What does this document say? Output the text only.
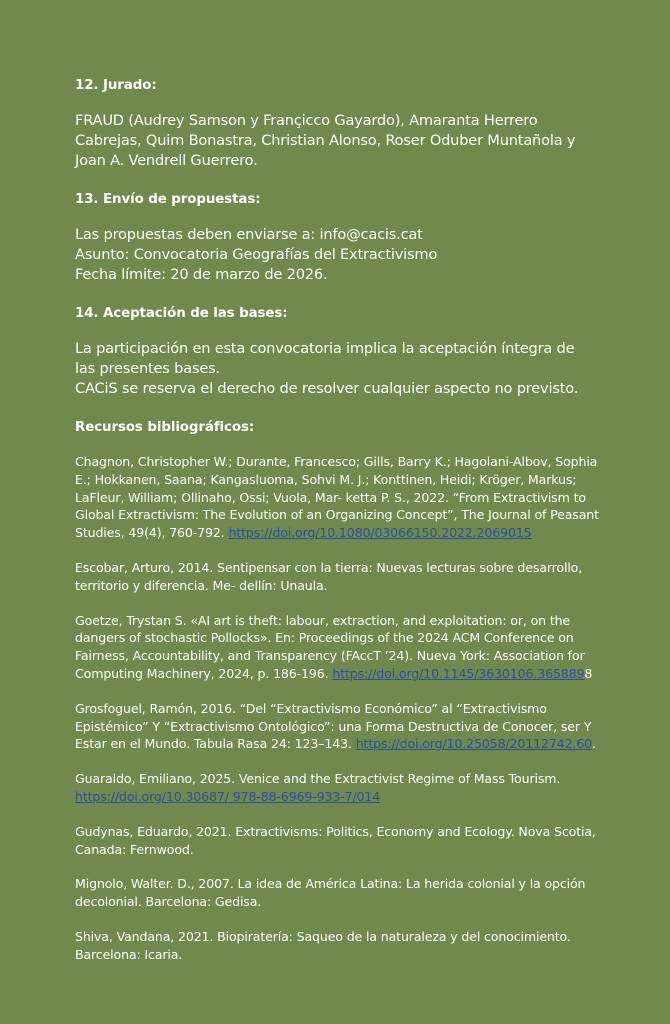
12. Jurado:

FRAUD (Audrey Samson y Françicco Gayardo), Amaranta Herrero
Cabrejas, Quim Bonastra, Christian Alonso, Roser Oduber Muntañola y
Joan A. Vendrell Guerrero.

13. Envío de propuestas:

Las propuestas deben enviarse a: info@cacis.cat
Asunto: Convocatoria Geografías del Extractivismo
Fecha límite: 20 de marzo de 2026.

14. Aceptación de las bases:

La participación en esta convocatoria implica la aceptación íntegra de
las presentes bases.
CACiS se reserva el derecho de resolver cualquier aspecto no previsto.

Recursos bibliográficos:

Chagnon, Christopher W.; Durante, Francesco; Gills, Barry K.; Hagolani-Albov, Sophia E.; Hokkanen, Saana; Kangasluoma, Sohvi M. J.; Konttinen, Heidi; Kröger, Markus; LaFleur, William; Ollinaho, Ossi; Vuola, Mar- ketta P. S., 2022. “From Extractivism to Global Extractivism: The Evolution of an Organizing Concept”, The Journal of Peasant Studies, 49(4), 760-792. https://doi.org/10.1080/03066150.2022.2069015

Escobar, Arturo, 2014. Sentipensar con la tierra: Nuevas lecturas sobre desarrollo, territorio y diferencia. Me- dellín: Unaula.

Goetze, Trystan S. «AI art is theft: labour, extraction, and exploitation: or, on the dangers of stochastic Pollocks». En: Proceedings of the 2024 ACM Conference on Fairness, Accountability, and Transparency (FAccT ‘24). Nueva York: Association for Computing Machinery, 2024, p. 186-196. https://doi.org/10.1145/3630106.3658898

Grosfoguel, Ramón, 2016. “Del “Extractivismo Económico” al “Extractivismo Epistémico” Y “Extractivismo Ontológico”: una Forma Destructiva de Conocer, ser Y Estar en el Mundo. Tabula Rasa 24: 123–143. https://doi.org/10.25058/20112742.60.

Guaraldo, Emiliano, 2025. Venice and the Extractivist Regime of Mass Tourism. https://doi.org/10.30687/ 978-88-6969-933-7/014

Gudynas, Eduardo, 2021. Extractivisms: Politics, Economy and Ecology. Nova Scotia, Canada: Fernwood.

Mignolo, Walter. D., 2007. La idea de América Latina: La herida colonial y la opción decolonial. Barcelona: Gedisa.

Shiva, Vandana, 2021. Biopiratería: Saqueo de la naturaleza y del conocimiento. Barcelona: Icaria.
